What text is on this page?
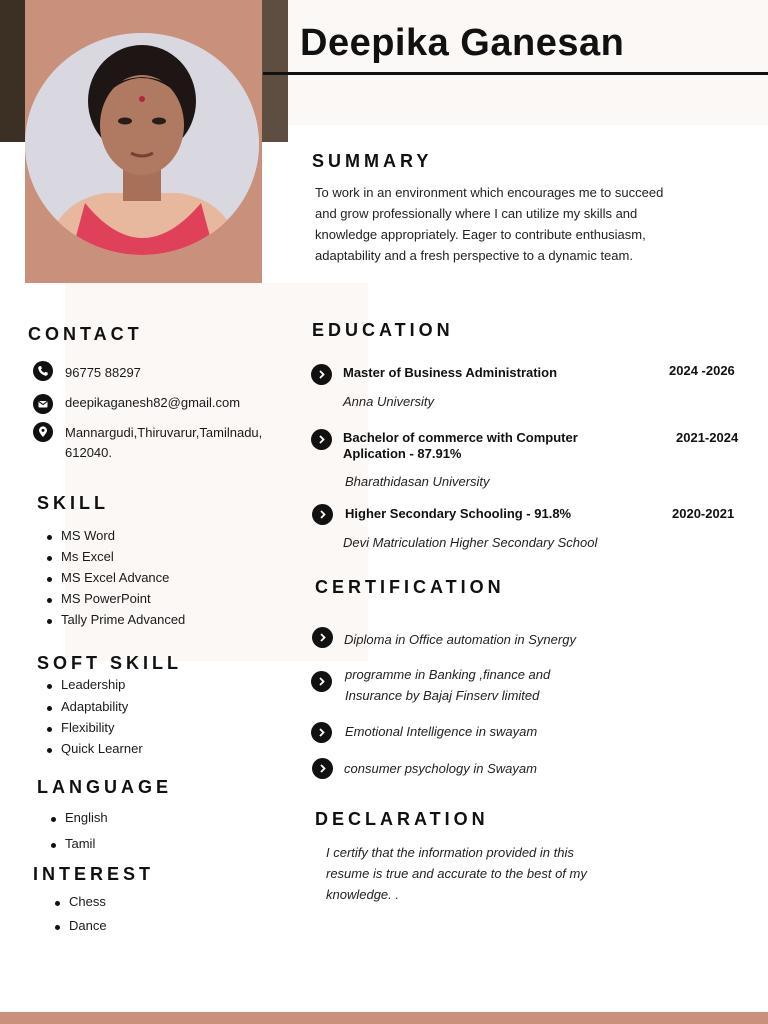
Deepika Ganesan
SUMMARY
To work in an environment which encourages me to succeed and grow professionally where I can utilize my skills and knowledge appropriately. Eager to contribute enthusiasm, adaptability and a fresh perspective to a dynamic team.
CONTACT
96775 88297
deepikaganesh82@gmail.com
Mannargudi,Thiruvarur,Tamilnadu,
612040.
SKILL
MS Word
Ms Excel
MS Excel Advance
MS PowerPoint
Tally Prime Advanced
SOFT SKILL
Leadership
Adaptability
Flexibility
Quick Learner
LANGUAGE
English
Tamil
INTEREST
Chess
Dance
EDUCATION
Master of Business Administration	2024 -2026
Anna University
Bachelor of commerce with Computer
Aplication - 87.91%
2021-2024
Bharathidasan University
Higher Secondary Schooling - 91.8%	2020-2021
Devi Matriculation Higher Secondary School
CERTIFICATION
Diploma in Office automation in Synergy
programme in Banking ,finance and
Insurance by Bajaj Finserv limited
Emotional Intelligence in swayam
consumer psychology in Swayam
DECLARATION
I certify that the information provided in this
resume is true and accurate to the best of my
knowledge. .
